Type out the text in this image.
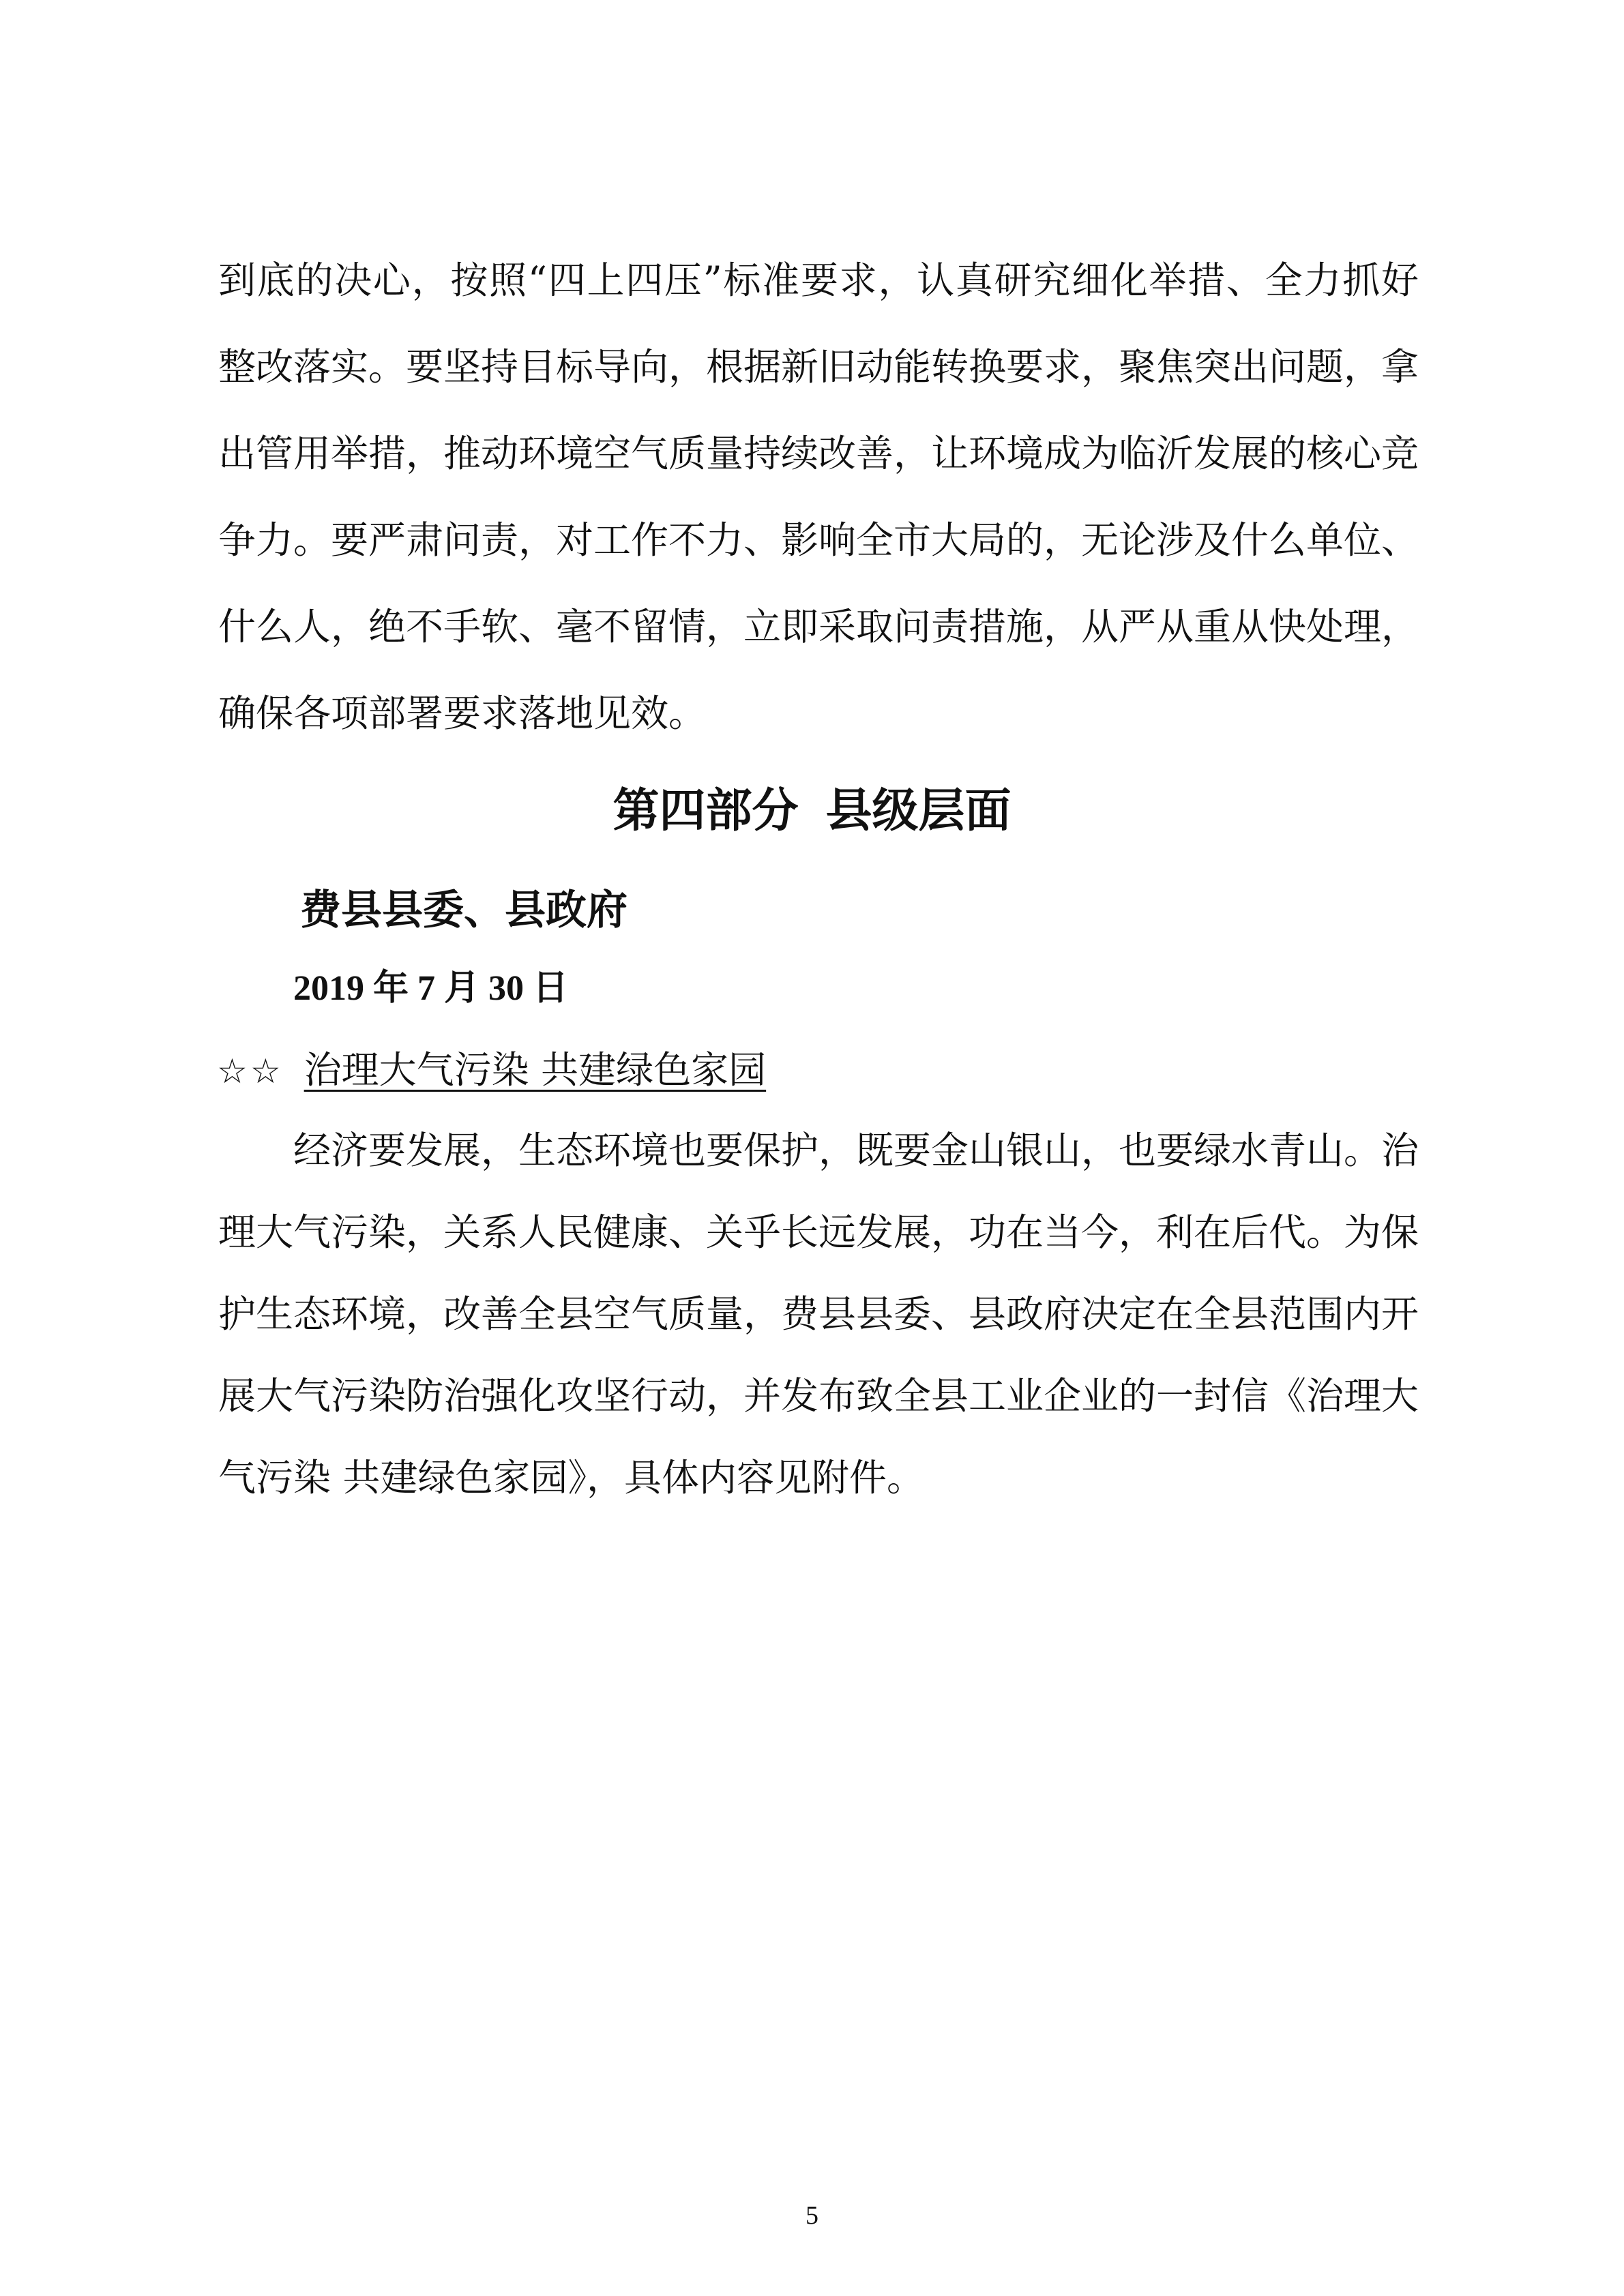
到底的决心，按照“四上四压”标准要求，认真研究细化举措、全力抓好
整改落实。要坚持目标导向，根据新旧动能转换要求，聚焦突出问题，拿
出管用举措，推动环境空气质量持续改善，让环境成为临沂发展的核心竞
争力。要严肃问责，对工作不力、影响全市大局的，无论涉及什么单位、
什么人，绝不手软、毫不留情，立即采取问责措施，从严从重从快处理，
确保各项部署要求落地见效。
第四部分 县级层面
费县县委、县政府
2019 年 7 月 30 日
☆☆ 治理大气污染 共建绿色家园
经济要发展，生态环境也要保护，既要金山银山，也要绿水青山。治
理大气污染，关系人民健康、关乎长远发展，功在当今，利在后代。为保
护生态环境，改善全县空气质量，费县县委、县政府决定在全县范围内开
展大气污染防治强化攻坚行动，并发布致全县工业企业的一封信《治理大
气污染 共建绿色家园》，具体内容见附件。
5
